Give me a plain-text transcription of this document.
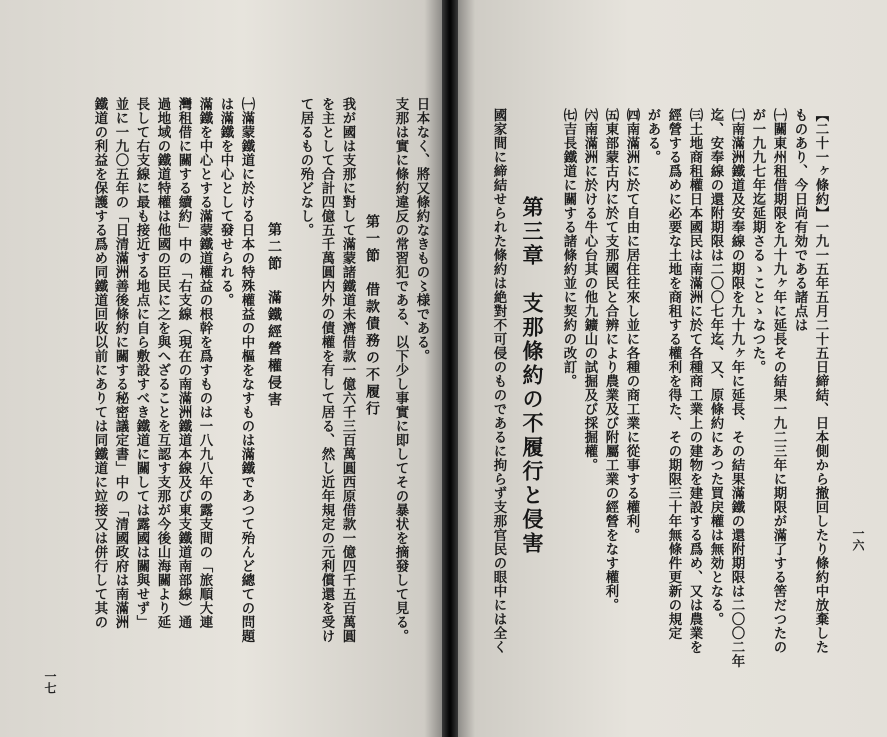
日本なく、將又條約なきもの〻様である。
支那は實に條約違反の常習犯である、以下少し事實に即してその暴状を摘發して見る。
第一節　借款債務の不履行
我が國は支那に對して滿蒙諸鐵道未濟借款一億六千三百萬圓西原借款一億四千五百萬圓
を主として合計四億五千萬圓内外の債權を有して居る、然し近年規定の元利償還を受け
て居るもの殆どなし。
第二節　滿鐵經營權侵害
㈠滿蒙鐵道に於ける日本の特殊權益の中樞をなすものは滿鐵であつて殆んど總ての問題
は滿鐵を中心として發せられる。
滿鐵を中心とする滿蒙鐵道權益の根幹を爲すものは一八九八年の露支間の「旅順大連
灣租借に關する續約」中の「右支線（現在の南滿洲鐵道本線及び東支鐵道南部線）通
過地域の鐵道特權は他國の臣民に之を與へざることを互認す支那が今後山海關より延
長して右支線に最も接近する地点に自ら敷設すべき鐵道に關しては露國は關與せず」
並に一九〇五年の「日清滿洲善後條約に關する秘密議定書」中の「清國政府は南滿洲
鐵道の利益を保護する爲め同鐵道回收以前にありては同鐵道に竝接又は併行して其の
一七
一六
【二十一ヶ條約】一九一五年五月二十五日締結、日本側から撤回したり條約中放棄した
ものあり、今日尚有効である諸点は
㈠關東州租借期限を九十九ヶ年に延長その結果一九二三年に期限が滿了する筈だつたの
が一九九七年迄延期さるゝことゝなつた。
㈡南滿洲鐵道及安奉線の期限を九十九ヶ年に延長、その結果滿鐵の還附期限は二〇〇二年
迄、安奉線の還附期限は二〇〇七年迄、又、原條約にあつた買戻權は無効となる。
㈢土地商租權日本國民は南滿洲に於て各種商工業上の建物を建設する爲め、又は農業を
經營する爲めに必要な土地を商租する權利を得た、その期限三十年無條件更新の規定
がある。
㈣南滿洲に於て自由に居住往來し並に各種の商工業に從事する權利。
㈤東部蒙古内に於て支那國民と合辨により農業及び附屬工業の經營をなす權利。
㈥南滿洲に於ける牛心台其の他九鑛山の試掘及び採掘權。
㈦吉長鐵道に關する諸條約並に契約の改訂。
第三章　支那條約の不履行と侵害
國家間に締結せられた條約は絶對不可侵のものであるに拘らず支那官民の眼中には全く
